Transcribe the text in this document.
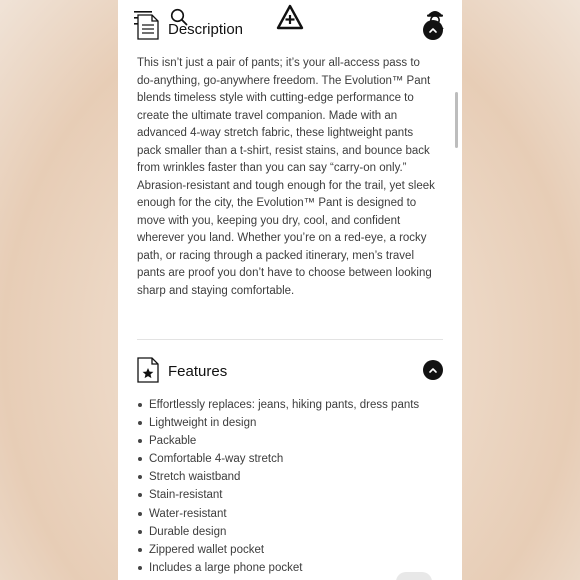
Description

This isn’t just a pair of pants; it’s your all-access pass to do-anything, go-anywhere freedom. The Evolution™ Pant blends timeless style with cutting-edge performance to create the ultimate travel companion. Made with an advanced 4-way stretch fabric, these lightweight pants pack smaller than a t-shirt, resist stains, and bounce back from wrinkles faster than you can say “carry-on only.” Abrasion-resistant and tough enough for the trail, yet sleek enough for the city, the Evolution™ Pant is designed to move with you, keeping you dry, cool, and confident wherever you land. Whether you’re on a red-eye, a rocky path, or racing through a packed itinerary, men’s travel pants are proof you don’t have to choose between looking sharp and staying comfortable.

Features
Effortlessly replaces: jeans, hiking pants, dress pants
Lightweight in design
Packable
Comfortable 4-way stretch
Stretch waistband
Stain-resistant
Water-resistant
Durable design
Zippered wallet pocket
Includes a large phone pocket
